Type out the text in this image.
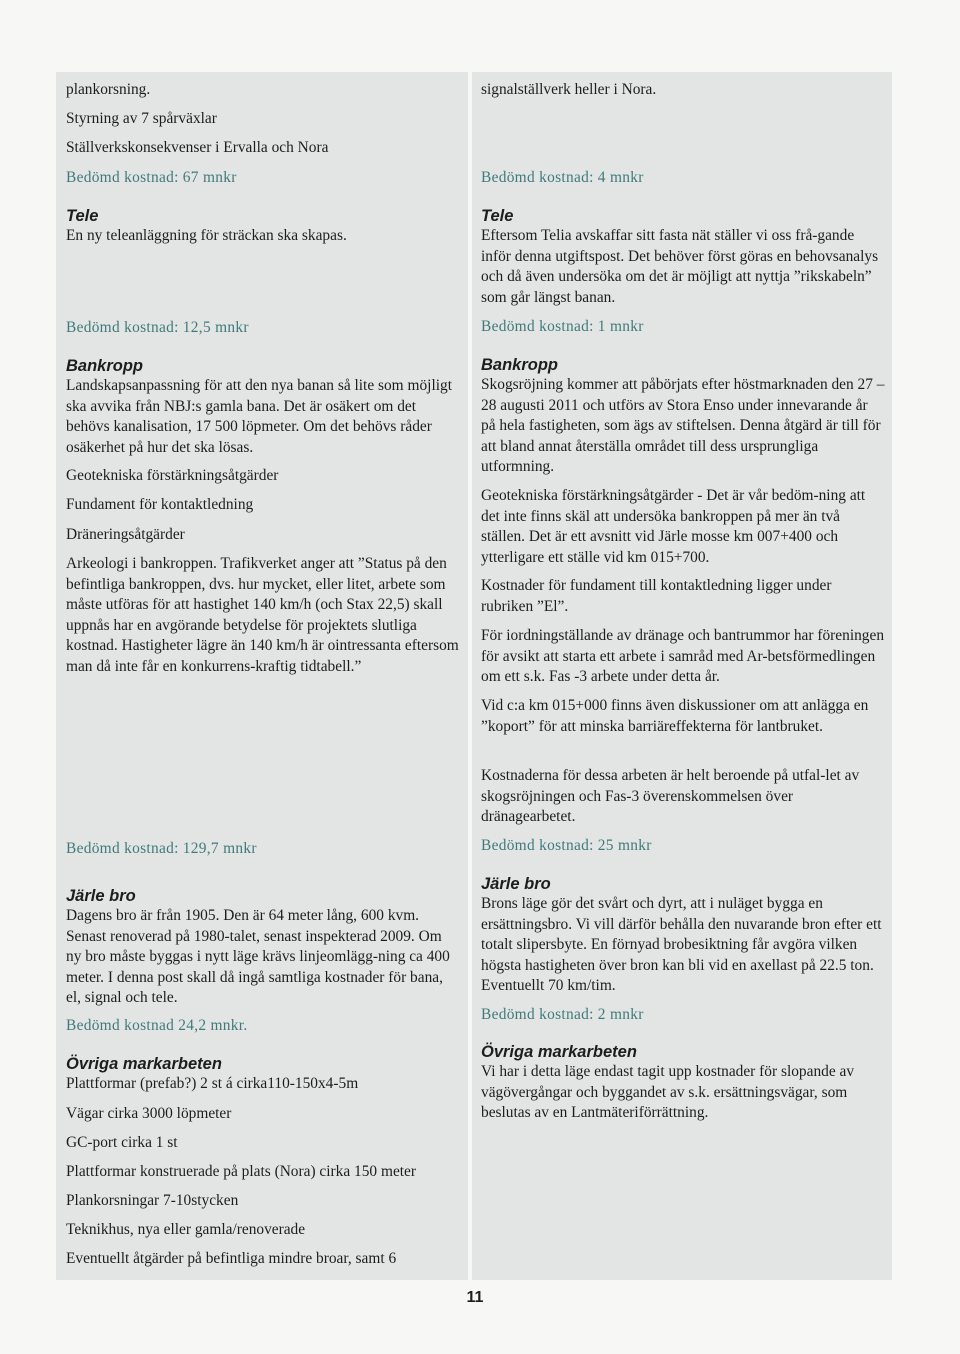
plankorsning.

Styrning av 7 spårväxlar

Ställverkskonsekvenser i Ervalla och Nora

Bedömd kostnad: 67 mnkr

Tele

En ny teleanläggning för sträckan ska skapas.

Bedömd kostnad: 12,5 mnkr

Bankropp

Landskapsanpassning för att den nya banan så lite som möjligt ska avvika från NBJ:s gamla bana. Det är osäkert om det behövs kanalisation, 17 500 löpmeter. Om det behövs råder osäkerhet på hur det ska lösas.

Geotekniska förstärkningsåtgärder

Fundament för kontaktledning

Dräneringsåtgärder

Arkeologi i bankroppen. Trafikverket anger att ”Status på den befintliga bankroppen, dvs. hur mycket, eller litet, arbete som måste utföras för att hastighet 140 km/h (och Stax 22,5) skall uppnås har en avgörande betydelse för projektets slutliga kostnad. Hastigheter lägre än 140 km/h är ointressanta eftersom man då inte får en konkurrens-kraftig tidtabell.”

Bedömd kostnad: 129,7 mnkr

Järle bro

Dagens bro är från 1905. Den är 64 meter lång, 600 kvm. Senast renoverad på 1980-talet, senast inspekterad 2009. Om ny bro måste byggas i nytt läge krävs linjeomlägg-ning ca 400 meter. I denna post skall då ingå samtliga kostnader för bana, el, signal och tele.

Bedömd kostnad 24,2 mnkr.

Övriga markarbeten

Plattformar (prefab?) 2 st á cirka110-150x4-5m

Vägar cirka 3000 löpmeter

GC-port cirka 1 st

Plattformar konstruerade på plats (Nora) cirka 150 meter

Plankorsningar 7-10stycken

Teknikhus, nya eller gamla/renoverade

Eventuellt åtgärder på befintliga mindre broar, samt 6

signalställverk heller i Nora.

Bedömd kostnad: 4 mnkr

Tele

Eftersom Telia avskaffar sitt fasta nät ställer vi oss frå-gande inför denna utgiftspost. Det behöver först göras en behovsanalys och då även undersöka om det är möjligt att nyttja ”rikskabeln” som går längst banan.

Bedömd kostnad: 1 mnkr

Bankropp

Skogsröjning kommer att påbörjats efter höstmarknaden den 27 – 28 augusti 2011 och utförs av Stora Enso under innevarande år på hela fastigheten, som ägs av stiftelsen. Denna åtgärd är till för att bland annat återställa området till dess ursprungliga utformning.

Geotekniska förstärkningsåtgärder - Det är vår bedöm-ning att det inte finns skäl att undersöka bankroppen på mer än två ställen. Det är ett avsnitt vid Järle mosse km 007+400 och ytterligare ett ställe vid km 015+700.

Kostnader för fundament till kontaktledning ligger under rubriken ”El”.

För iordningställande av dränage och bantrummor har föreningen för avsikt att starta ett arbete i samråd med Ar-betsförmedlingen om ett s.k. Fas -3 arbete under detta år.

Vid c:a km 015+000 finns även diskussioner om att anlägga en ”koport” för att minska barriäreffekterna för lantbruket.

Kostnaderna för dessa arbeten är helt beroende på utfal-let av skogsröjningen och Fas-3 överenskommelsen över dränagearbetet.

Bedömd kostnad: 25 mnkr

Järle bro

Brons läge gör det svårt och dyrt, att i nuläget bygga en ersättningsbro. Vi vill därför behålla den nuvarande bron efter ett totalt slipersbyte. En förnyad brobesiktning får avgöra vilken högsta hastigheten över bron kan bli vid en axellast på 22.5 ton. Eventuellt 70 km/tim.

Bedömd kostnad: 2 mnkr

Övriga markarbeten

Vi har i detta läge endast tagit upp kostnader för slopande av vägövergångar och byggandet av s.k. ersättningsvägar, som beslutas av en Lantmäteriförrättning.

11
